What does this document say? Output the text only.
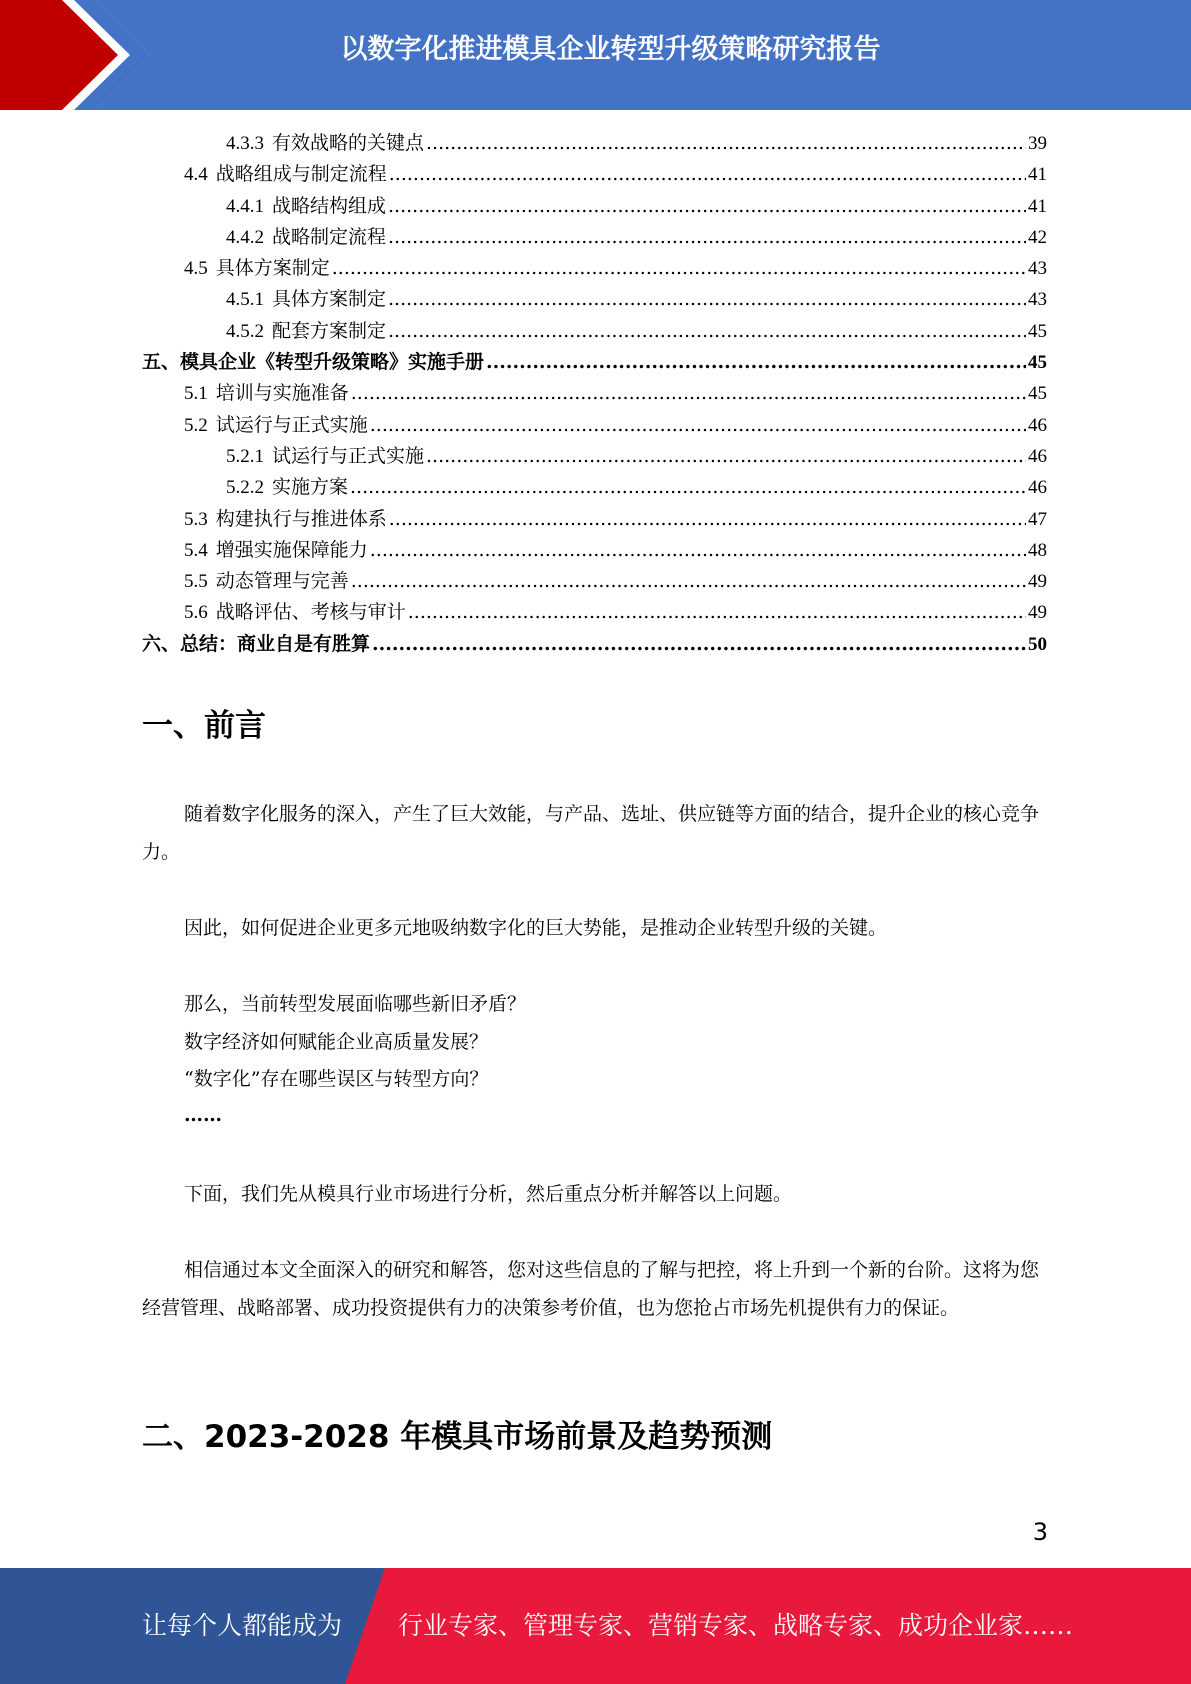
以数字化推进模具企业转型升级策略研究报告
4.3.3 有效战略的关键点 .....	39
4.4 战略组成与制定流程 .....	41
4.4.1 战略结构组成 .....	41
4.4.2 战略制定流程 .....	42
4.5 具体方案制定 .....	43
4.5.1 具体方案制定 .....	43
4.5.2 配套方案制定 .....	45
五、模具企业《转型升级策略》实施手册 .....	45
5.1 培训与实施准备 .....	45
5.2 试运行与正式实施 .....	46
5.2.1 试运行与正式实施 .....	46
5.2.2 实施方案 .....	46
5.3 构建执行与推进体系 .....	47
5.4 增强实施保障能力 .....	48
5.5 动态管理与完善 .....	49
5.6 战略评估、考核与审计 .....	49
六、总结：商业自是有胜算 .....	50
一、前言

随着数字化服务的深入，产生了巨大效能，与产品、选址、供应链等方面的结合，提升企业的核心竞争力。

因此，如何促进企业更多元地吸纳数字化的巨大势能，是推动企业转型升级的关键。

那么，当前转型发展面临哪些新旧矛盾？

数字经济如何赋能企业高质量发展？

“数字化”存在哪些误区与转型方向？

……

下面，我们先从模具行业市场进行分析，然后重点分析并解答以上问题。

相信通过本文全面深入的研究和解答，您对这些信息的了解与把控，将上升到一个新的台阶。这将为您经营管理、战略部署、成功投资提供有力的决策参考价值，也为您抢占市场先机提供有力的保证。

二、2023-2028 年模具市场前景及趋势预测
3
让每个人都能成为 行业专家、管理专家、营销专家、战略专家、成功企业家……
